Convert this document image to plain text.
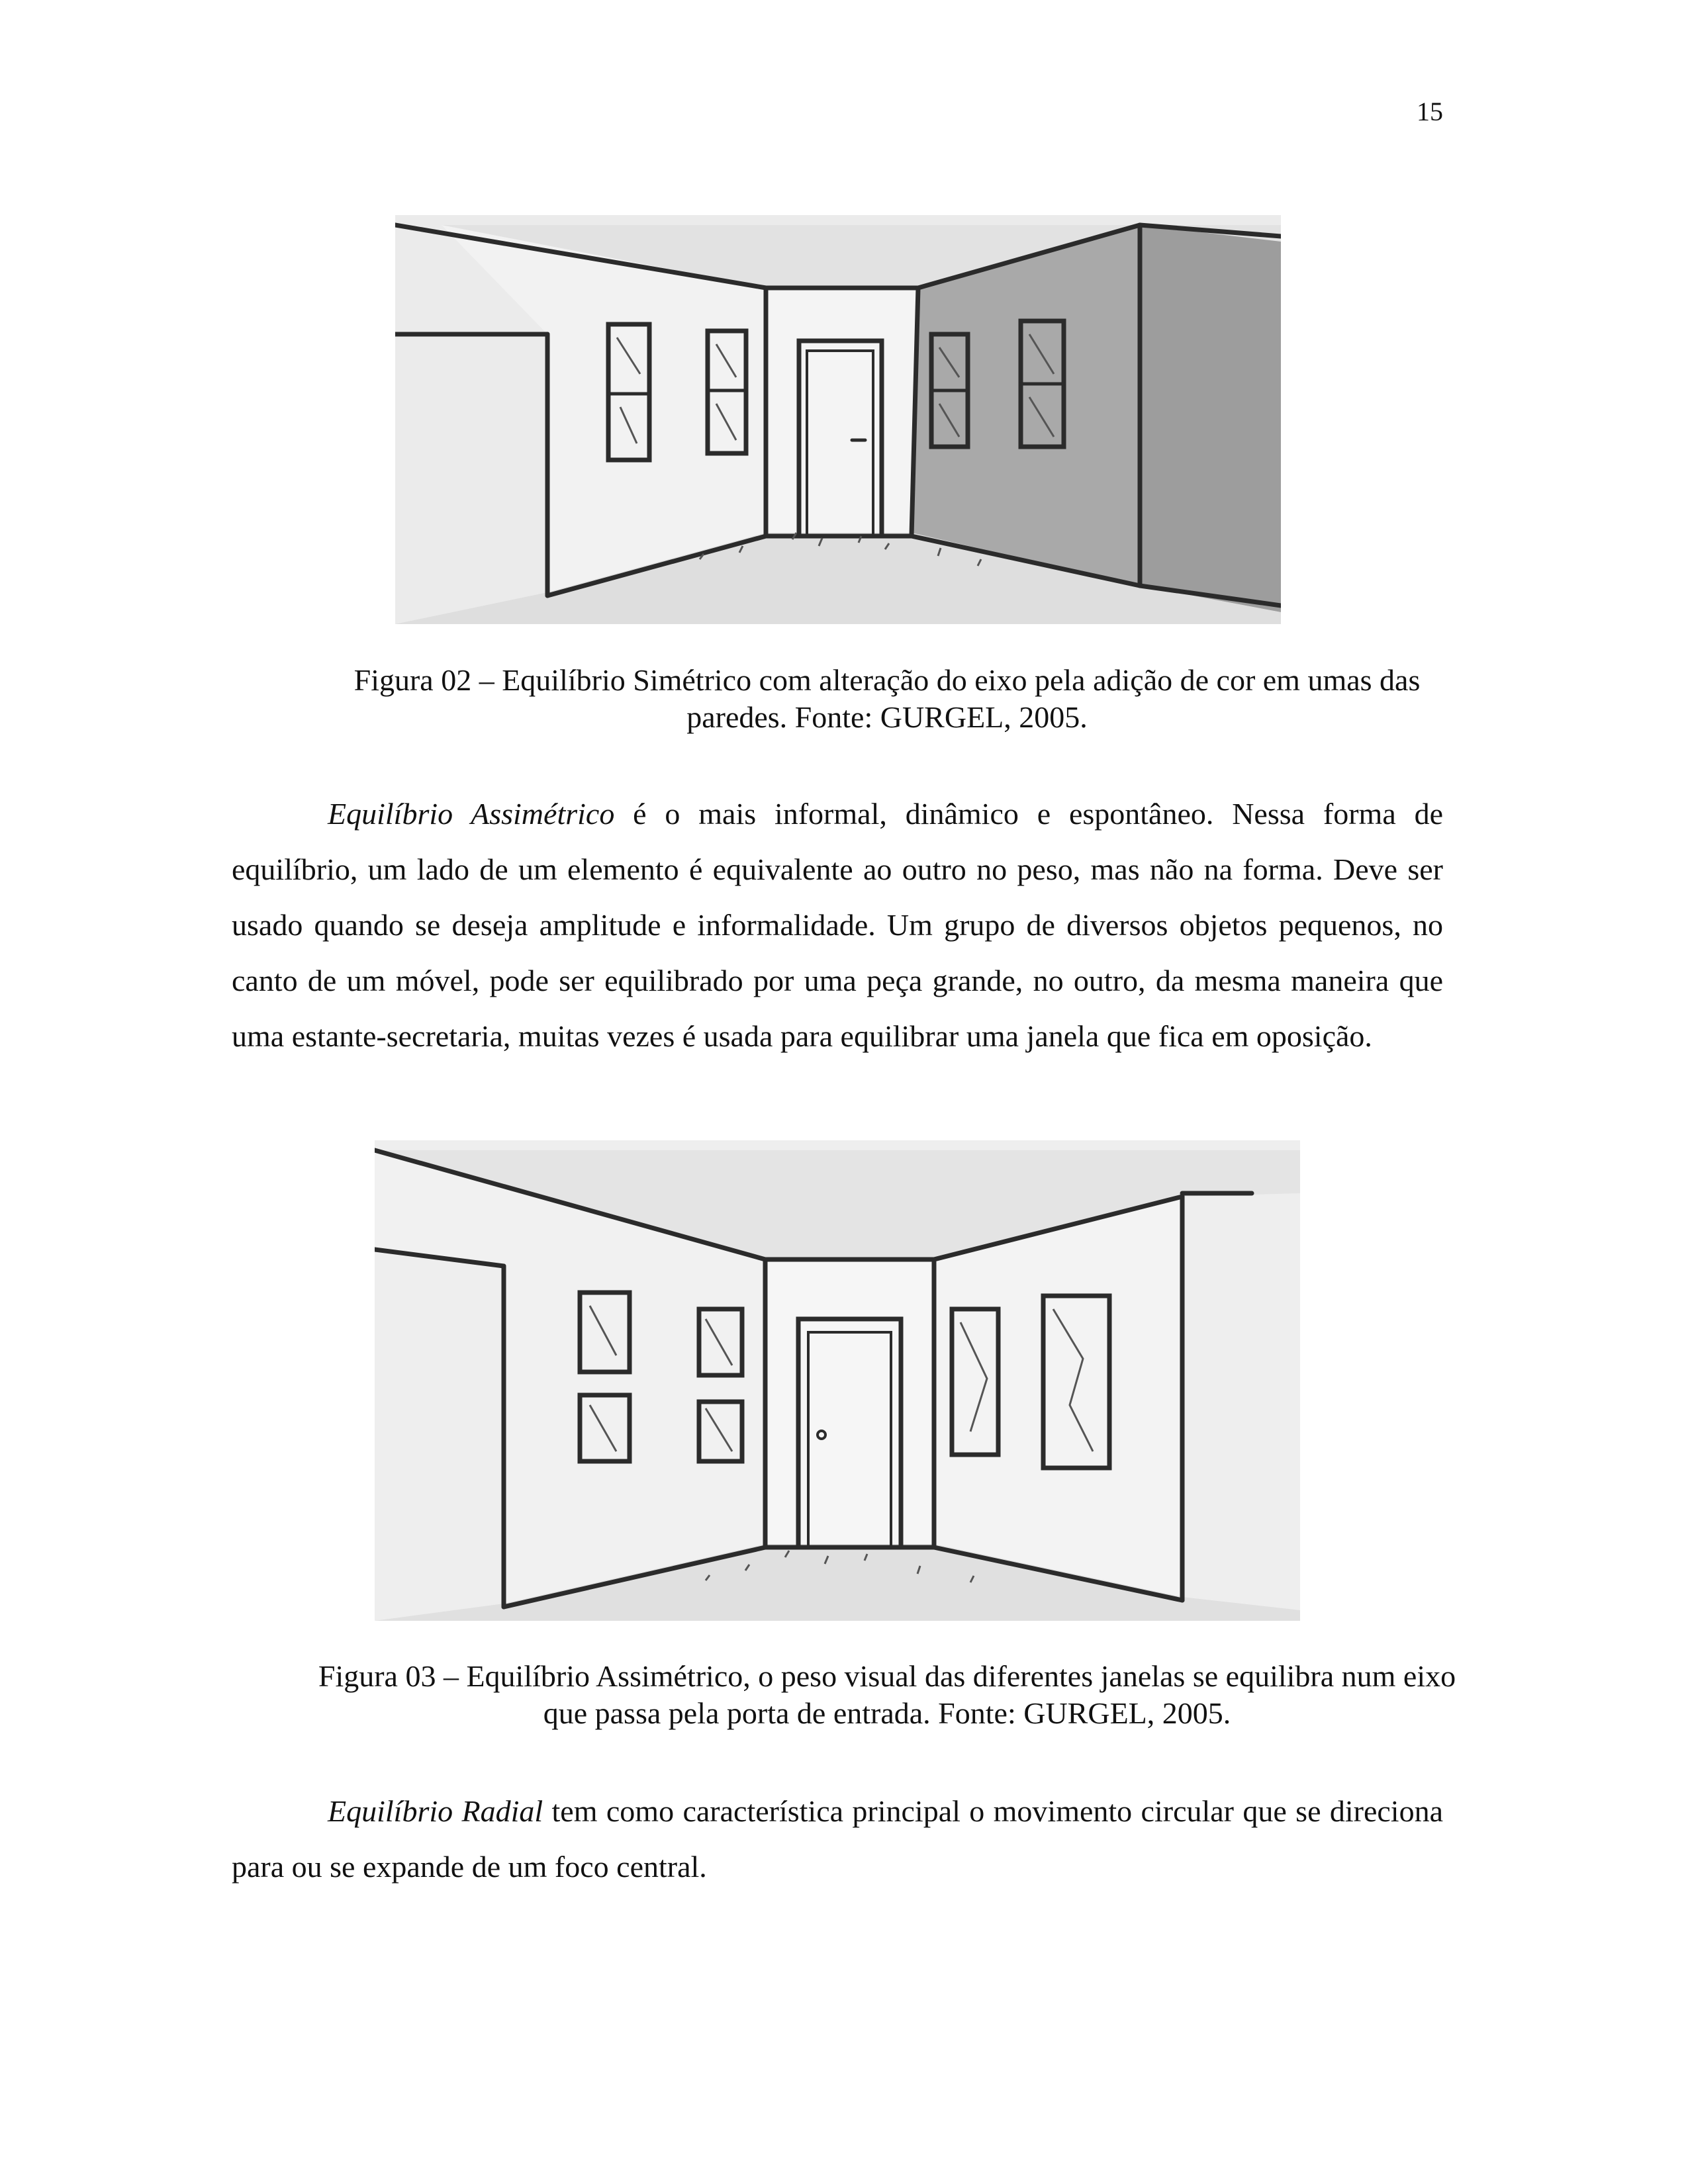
15
Figura 02 – Equilíbrio Simétrico com alteração do eixo pela adição de cor em umas das paredes. Fonte: GURGEL, 2005.
Equilíbrio Assimétrico é o mais informal, dinâmico e espontâneo. Nessa forma de equilíbrio, um lado de um elemento é equivalente ao outro no peso, mas não na forma. Deve ser usado quando se deseja amplitude e informalidade. Um grupo de diversos objetos pequenos, no canto de um móvel, pode ser equilibrado por uma peça grande, no outro, da mesma maneira que uma estante-secretaria, muitas vezes é usada para equilibrar uma janela que fica em oposição.
Figura 03 – Equilíbrio Assimétrico, o peso visual das diferentes janelas se equilibra num eixo que passa pela porta de entrada. Fonte: GURGEL, 2005.
Equilíbrio Radial tem como característica principal o movimento circular que se direciona para ou se expande de um foco central.
